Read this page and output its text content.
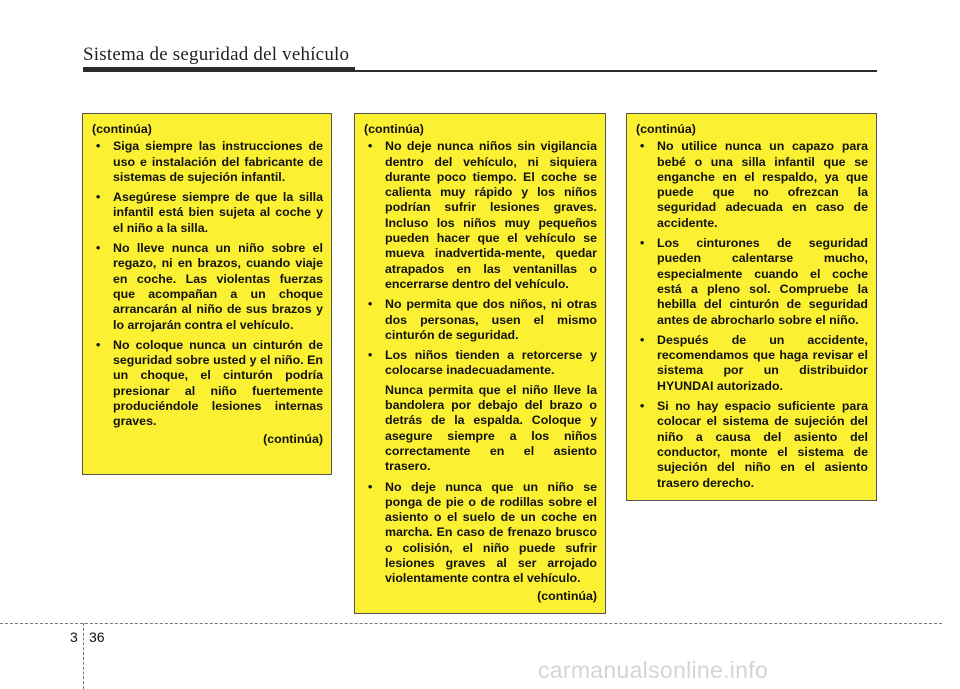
Sistema de seguridad del vehículo
(continúa)
• Siga siempre las instrucciones de uso e instalación del fabricante de sistemas de sujeción infantil.
• Asegúrese siempre de que la silla infantil está bien sujeta al coche y el niño a la silla.
• No lleve nunca un niño sobre el regazo, ni en brazos, cuando viaje en coche. Las violentas fuerzas que acompañan a un choque arrancarán al niño de sus brazos y lo arrojarán contra el vehículo.
• No coloque nunca un cinturón de seguridad sobre usted y el niño. En un choque, el cinturón podría presionar al niño fuertemente produciéndole lesiones internas graves.
(continúa)
(continúa)
• No deje nunca niños sin vigilancia dentro del vehículo, ni siquiera durante poco tiempo. El coche se calienta muy rápido y los niños podrían sufrir lesiones graves. Incluso los niños muy pequeños pueden hacer que el vehículo se mueva inadvertida-mente, quedar atrapados en las ventanillas o encerrarse dentro del vehículo.
• No permita que dos niños, ni otras dos personas, usen el mismo cinturón de seguridad.
• Los niños tienden a retorcerse y colocarse inadecuadamente.
Nunca permita que el niño lleve la bandolera por debajo del brazo o detrás de la espalda. Coloque y asegure siempre a los niños correctamente en el asiento trasero.
• No deje nunca que un niño se ponga de pie o de rodillas sobre el asiento o el suelo de un coche en marcha. En caso de frenazo brusco o colisión, el niño puede sufrir lesiones graves al ser arrojado violentamente contra el vehículo.
(continúa)
(continúa)
• No utilice nunca un capazo para bebé o una silla infantil que se enganche en el respaldo, ya que puede que no ofrezcan la seguridad adecuada en caso de accidente.
• Los cinturones de seguridad pueden calentarse mucho, especialmente cuando el coche está a pleno sol. Compruebe la hebilla del cinturón de seguridad antes de abrocharlo sobre el niño.
• Después de un accidente, recomendamos que haga revisar el sistema por un distribuidor HYUNDAI autorizado.
• Si no hay espacio suficiente para colocar el sistema de sujeción del niño a causa del asiento del conductor, monte el sistema de sujeción del niño en el asiento trasero derecho.
3 36
carmanualsonline.info
